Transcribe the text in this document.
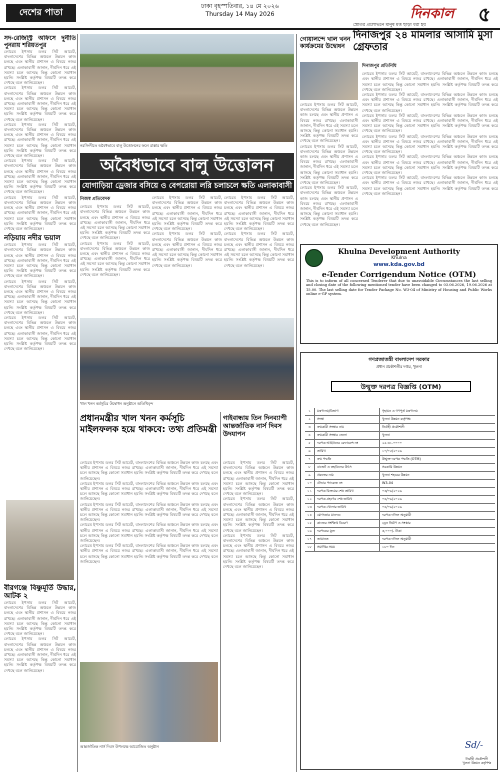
দেশের পাতা
ঢাকা বৃহস্পতিবার, ১৪ মে ২০২৬
Thursday 14 May 2026	দিনকাল ৫
সদ-রেজিস্ট্রি অফিসে দুর্নীতি পুনরায় শরিয়তপুর
লোরেম ইপসাম ডলর সিট আমেট, বাংলাদেশের বিভিন্ন অঞ্চলে উন্নয়ন কাজ চলছে এবং স্থানীয় প্রশাসন এ বিষয়ে নজর রাখছে। এলাকাবাসী জানান, দীর্ঘদিন ধরে এই সমস্যা চলে আসছে কিন্তু কোনো সমাধান হয়নি। সংশ্লিষ্ট কর্তৃপক্ষ বিষয়টি তদন্ত করে দেখছে বলে জানিয়েছেন।
লোরেম ইপসাম ডলর সিট আমেট, বাংলাদেশের বিভিন্ন অঞ্চলে উন্নয়ন কাজ চলছে এবং স্থানীয় প্রশাসন এ বিষয়ে নজর রাখছে। এলাকাবাসী জানান, দীর্ঘদিন ধরে এই সমস্যা চলে আসছে কিন্তু কোনো সমাধান হয়নি। সংশ্লিষ্ট কর্তৃপক্ষ বিষয়টি তদন্ত করে দেখছে বলে জানিয়েছেন।
লোরেম ইপসাম ডলর সিট আমেট, বাংলাদেশের বিভিন্ন অঞ্চলে উন্নয়ন কাজ চলছে এবং স্থানীয় প্রশাসন এ বিষয়ে নজর রাখছে। এলাকাবাসী জানান, দীর্ঘদিন ধরে এই সমস্যা চলে আসছে কিন্তু কোনো সমাধান হয়নি। সংশ্লিষ্ট কর্তৃপক্ষ বিষয়টি তদন্ত করে দেখছে বলে জানিয়েছেন।
লোরেম ইপসাম ডলর সিট আমেট, বাংলাদেশের বিভিন্ন অঞ্চলে উন্নয়ন কাজ চলছে এবং স্থানীয় প্রশাসন এ বিষয়ে নজর রাখছে। এলাকাবাসী জানান, দীর্ঘদিন ধরে এই সমস্যা চলে আসছে কিন্তু কোনো সমাধান হয়নি। সংশ্লিষ্ট কর্তৃপক্ষ বিষয়টি তদন্ত করে দেখছে বলে জানিয়েছেন।
লোরেম ইপসাম ডলর সিট আমেট, বাংলাদেশের বিভিন্ন অঞ্চলে উন্নয়ন কাজ চলছে এবং স্থানীয় প্রশাসন এ বিষয়ে নজর রাখছে। এলাকাবাসী জানান, দীর্ঘদিন ধরে এই সমস্যা চলে আসছে কিন্তু কোনো সমাধান হয়নি। সংশ্লিষ্ট কর্তৃপক্ষ বিষয়টি তদন্ত করে দেখছে বলে জানিয়েছেন।
নড়িয়ায় নদীর ভয়াল
লোরেম ইপসাম ডলর সিট আমেট, বাংলাদেশের বিভিন্ন অঞ্চলে উন্নয়ন কাজ চলছে এবং স্থানীয় প্রশাসন এ বিষয়ে নজর রাখছে। এলাকাবাসী জানান, দীর্ঘদিন ধরে এই সমস্যা চলে আসছে কিন্তু কোনো সমাধান হয়নি। সংশ্লিষ্ট কর্তৃপক্ষ বিষয়টি তদন্ত করে দেখছে বলে জানিয়েছেন।
লোরেম ইপসাম ডলর সিট আমেট, বাংলাদেশের বিভিন্ন অঞ্চলে উন্নয়ন কাজ চলছে এবং স্থানীয় প্রশাসন এ বিষয়ে নজর রাখছে। এলাকাবাসী জানান, দীর্ঘদিন ধরে এই সমস্যা চলে আসছে কিন্তু কোনো সমাধান হয়নি। সংশ্লিষ্ট কর্তৃপক্ষ বিষয়টি তদন্ত করে দেখছে বলে জানিয়েছেন।
লোরেম ইপসাম ডলর সিট আমেট, বাংলাদেশের বিভিন্ন অঞ্চলে উন্নয়ন কাজ চলছে এবং স্থানীয় প্রশাসন এ বিষয়ে নজর রাখছে। এলাকাবাসী জানান, দীর্ঘদিন ধরে এই সমস্যা চলে আসছে কিন্তু কোনো সমাধান হয়নি। সংশ্লিষ্ট কর্তৃপক্ষ বিষয়টি তদন্ত করে দেখছে বলে জানিয়েছেন।
বীরগঞ্জে বিষ্ণুমূর্তি উদ্ধার, আটক ২
লোরেম ইপসাম ডলর সিট আমেট, বাংলাদেশের বিভিন্ন অঞ্চলে উন্নয়ন কাজ চলছে এবং স্থানীয় প্রশাসন এ বিষয়ে নজর রাখছে। এলাকাবাসী জানান, দীর্ঘদিন ধরে এই সমস্যা চলে আসছে কিন্তু কোনো সমাধান হয়নি। সংশ্লিষ্ট কর্তৃপক্ষ বিষয়টি তদন্ত করে দেখছে বলে জানিয়েছেন।
লোরেম ইপসাম ডলর সিট আমেট, বাংলাদেশের বিভিন্ন অঞ্চলে উন্নয়ন কাজ চলছে এবং স্থানীয় প্রশাসন এ বিষয়ে নজর রাখছে। এলাকাবাসী জানান, দীর্ঘদিন ধরে এই সমস্যা চলে আসছে কিন্তু কোনো সমাধান হয়নি। সংশ্লিষ্ট কর্তৃপক্ষ বিষয়টি তদন্ত করে দেখছে বলে জানিয়েছেন।
নরসিংদীতে অবৈধভাবে বালু উত্তোলনের ফলে রাস্তার ক্ষতি
অবৈধভাবে বালু উত্তোলন
যোগাড়িয়া ড্রেজার বসিয়ে ও বেপরোয়া লরি চলাচলে ক্ষতি এলাকাবাসী
নিজস্ব প্রতিবেদক
লোরেম ইপসাম ডলর সিট আমেট, বাংলাদেশের বিভিন্ন অঞ্চলে উন্নয়ন কাজ চলছে এবং স্থানীয় প্রশাসন এ বিষয়ে নজর রাখছে। এলাকাবাসী জানান, দীর্ঘদিন ধরে এই সমস্যা চলে আসছে কিন্তু কোনো সমাধান হয়নি। সংশ্লিষ্ট কর্তৃপক্ষ বিষয়টি তদন্ত করে দেখছে বলে জানিয়েছেন।
লোরেম ইপসাম ডলর সিট আমেট, বাংলাদেশের বিভিন্ন অঞ্চলে উন্নয়ন কাজ চলছে এবং স্থানীয় প্রশাসন এ বিষয়ে নজর রাখছে। এলাকাবাসী জানান, দীর্ঘদিন ধরে এই সমস্যা চলে আসছে কিন্তু কোনো সমাধান হয়নি। সংশ্লিষ্ট কর্তৃপক্ষ বিষয়টি তদন্ত করে দেখছে বলে জানিয়েছেন।
লোরেম ইপসাম ডলর সিট আমেট, বাংলাদেশের বিভিন্ন অঞ্চলে উন্নয়ন কাজ চলছে এবং স্থানীয় প্রশাসন এ বিষয়ে নজর রাখছে। এলাকাবাসী জানান, দীর্ঘদিন ধরে এই সমস্যা চলে আসছে কিন্তু কোনো সমাধান হয়নি। সংশ্লিষ্ট কর্তৃপক্ষ বিষয়টি তদন্ত করে দেখছে বলে জানিয়েছেন।
লোরেম ইপসাম ডলর সিট আমেট, বাংলাদেশের বিভিন্ন অঞ্চলে উন্নয়ন কাজ চলছে এবং স্থানীয় প্রশাসন এ বিষয়ে নজর রাখছে। এলাকাবাসী জানান, দীর্ঘদিন ধরে এই সমস্যা চলে আসছে কিন্তু কোনো সমাধান হয়নি। সংশ্লিষ্ট কর্তৃপক্ষ বিষয়টি তদন্ত করে দেখছে বলে জানিয়েছেন।
লোরেম ইপসাম ডলর সিট আমেট, বাংলাদেশের বিভিন্ন অঞ্চলে উন্নয়ন কাজ চলছে এবং স্থানীয় প্রশাসন এ বিষয়ে নজর রাখছে। এলাকাবাসী জানান, দীর্ঘদিন ধরে এই সমস্যা চলে আসছে কিন্তু কোনো সমাধান হয়নি। সংশ্লিষ্ট কর্তৃপক্ষ বিষয়টি তদন্ত করে দেখছে বলে জানিয়েছেন।
লোরেম ইপসাম ডলর সিট আমেট, বাংলাদেশের বিভিন্ন অঞ্চলে উন্নয়ন কাজ চলছে এবং স্থানীয় প্রশাসন এ বিষয়ে নজর রাখছে। এলাকাবাসী জানান, দীর্ঘদিন ধরে এই সমস্যা চলে আসছে কিন্তু কোনো সমাধান হয়নি। সংশ্লিষ্ট কর্তৃপক্ষ বিষয়টি তদন্ত করে দেখছে বলে জানিয়েছেন।
খাল খনন কর্মসূচির উদ্বোধন অনুষ্ঠানে অতিথিবৃন্দ
প্রধানমন্ত্রীর খাল খনন কর্মসূচি মাইলফলক হয়ে থাকবে: তথ্য প্রতিমন্ত্রী
লোরেম ইপসাম ডলর সিট আমেট, বাংলাদেশের বিভিন্ন অঞ্চলে উন্নয়ন কাজ চলছে এবং স্থানীয় প্রশাসন এ বিষয়ে নজর রাখছে। এলাকাবাসী জানান, দীর্ঘদিন ধরে এই সমস্যা চলে আসছে কিন্তু কোনো সমাধান হয়নি। সংশ্লিষ্ট কর্তৃপক্ষ বিষয়টি তদন্ত করে দেখছে বলে জানিয়েছেন।
লোরেম ইপসাম ডলর সিট আমেট, বাংলাদেশের বিভিন্ন অঞ্চলে উন্নয়ন কাজ চলছে এবং স্থানীয় প্রশাসন এ বিষয়ে নজর রাখছে। এলাকাবাসী জানান, দীর্ঘদিন ধরে এই সমস্যা চলে আসছে কিন্তু কোনো সমাধান হয়নি। সংশ্লিষ্ট কর্তৃপক্ষ বিষয়টি তদন্ত করে দেখছে বলে জানিয়েছেন।
লোরেম ইপসাম ডলর সিট আমেট, বাংলাদেশের বিভিন্ন অঞ্চলে উন্নয়ন কাজ চলছে এবং স্থানীয় প্রশাসন এ বিষয়ে নজর রাখছে। এলাকাবাসী জানান, দীর্ঘদিন ধরে এই সমস্যা চলে আসছে কিন্তু কোনো সমাধান হয়নি। সংশ্লিষ্ট কর্তৃপক্ষ বিষয়টি তদন্ত করে দেখছে বলে জানিয়েছেন।
লোরেম ইপসাম ডলর সিট আমেট, বাংলাদেশের বিভিন্ন অঞ্চলে উন্নয়ন কাজ চলছে এবং স্থানীয় প্রশাসন এ বিষয়ে নজর রাখছে। এলাকাবাসী জানান, দীর্ঘদিন ধরে এই সমস্যা চলে আসছে কিন্তু কোনো সমাধান হয়নি। সংশ্লিষ্ট কর্তৃপক্ষ বিষয়টি তদন্ত করে দেখছে বলে জানিয়েছেন।
লোরেম ইপসাম ডলর সিট আমেট, বাংলাদেশের বিভিন্ন অঞ্চলে উন্নয়ন কাজ চলছে এবং স্থানীয় প্রশাসন এ বিষয়ে নজর রাখছে। এলাকাবাসী জানান, দীর্ঘদিন ধরে এই সমস্যা চলে আসছে কিন্তু কোনো সমাধান হয়নি। সংশ্লিষ্ট কর্তৃপক্ষ বিষয়টি তদন্ত করে দেখছে বলে জানিয়েছেন।
গাইবান্ধায় তিন দিনব্যাপী আন্তর্জাতিক নার্স দিবস উদযাপন
লোরেম ইপসাম ডলর সিট আমেট, বাংলাদেশের বিভিন্ন অঞ্চলে উন্নয়ন কাজ চলছে এবং স্থানীয় প্রশাসন এ বিষয়ে নজর রাখছে। এলাকাবাসী জানান, দীর্ঘদিন ধরে এই সমস্যা চলে আসছে কিন্তু কোনো সমাধান হয়নি। সংশ্লিষ্ট কর্তৃপক্ষ বিষয়টি তদন্ত করে দেখছে বলে জানিয়েছেন।
লোরেম ইপসাম ডলর সিট আমেট, বাংলাদেশের বিভিন্ন অঞ্চলে উন্নয়ন কাজ চলছে এবং স্থানীয় প্রশাসন এ বিষয়ে নজর রাখছে। এলাকাবাসী জানান, দীর্ঘদিন ধরে এই সমস্যা চলে আসছে কিন্তু কোনো সমাধান হয়নি। সংশ্লিষ্ট কর্তৃপক্ষ বিষয়টি তদন্ত করে দেখছে বলে জানিয়েছেন।
লোরেম ইপসাম ডলর সিট আমেট, বাংলাদেশের বিভিন্ন অঞ্চলে উন্নয়ন কাজ চলছে এবং স্থানীয় প্রশাসন এ বিষয়ে নজর রাখছে। এলাকাবাসী জানান, দীর্ঘদিন ধরে এই সমস্যা চলে আসছে কিন্তু কোনো সমাধান হয়নি। সংশ্লিষ্ট কর্তৃপক্ষ বিষয়টি তদন্ত করে দেখছে বলে জানিয়েছেন।
আন্তর্জাতিক নার্স দিবস উপলক্ষে আয়োজিত অনুষ্ঠান
গোয়ালন্দে খাল খনন কার্যক্রমের উদ্বোধন
লোরেম ইপসাম ডলর সিট আমেট, বাংলাদেশের বিভিন্ন অঞ্চলে উন্নয়ন কাজ চলছে এবং স্থানীয় প্রশাসন এ বিষয়ে নজর রাখছে। এলাকাবাসী জানান, দীর্ঘদিন ধরে এই সমস্যা চলে আসছে কিন্তু কোনো সমাধান হয়নি। সংশ্লিষ্ট কর্তৃপক্ষ বিষয়টি তদন্ত করে দেখছে বলে জানিয়েছেন।
লোরেম ইপসাম ডলর সিট আমেট, বাংলাদেশের বিভিন্ন অঞ্চলে উন্নয়ন কাজ চলছে এবং স্থানীয় প্রশাসন এ বিষয়ে নজর রাখছে। এলাকাবাসী জানান, দীর্ঘদিন ধরে এই সমস্যা চলে আসছে কিন্তু কোনো সমাধান হয়নি। সংশ্লিষ্ট কর্তৃপক্ষ বিষয়টি তদন্ত করে দেখছে বলে জানিয়েছেন।
লোরেম ইপসাম ডলর সিট আমেট, বাংলাদেশের বিভিন্ন অঞ্চলে উন্নয়ন কাজ চলছে এবং স্থানীয় প্রশাসন এ বিষয়ে নজর রাখছে। এলাকাবাসী জানান, দীর্ঘদিন ধরে এই সমস্যা চলে আসছে কিন্তু কোনো সমাধান হয়নি। সংশ্লিষ্ট কর্তৃপক্ষ বিষয়টি তদন্ত করে দেখছে বলে জানিয়েছেন।
স্ত্রোতর প্রলোভনে মানুষ মত্ত ছাড়া ধরা হয়
দিনাজপুর ২৪ মামলার আসামি মুসা গ্রেফতার
দিনাজপুর প্রতিনিধি
লোরেম ইপসাম ডলর সিট আমেট, বাংলাদেশের বিভিন্ন অঞ্চলে উন্নয়ন কাজ চলছে এবং স্থানীয় প্রশাসন এ বিষয়ে নজর রাখছে। এলাকাবাসী জানান, দীর্ঘদিন ধরে এই সমস্যা চলে আসছে কিন্তু কোনো সমাধান হয়নি। সংশ্লিষ্ট কর্তৃপক্ষ বিষয়টি তদন্ত করে দেখছে বলে জানিয়েছেন।
লোরেম ইপসাম ডলর সিট আমেট, বাংলাদেশের বিভিন্ন অঞ্চলে উন্নয়ন কাজ চলছে এবং স্থানীয় প্রশাসন এ বিষয়ে নজর রাখছে। এলাকাবাসী জানান, দীর্ঘদিন ধরে এই সমস্যা চলে আসছে কিন্তু কোনো সমাধান হয়নি। সংশ্লিষ্ট কর্তৃপক্ষ বিষয়টি তদন্ত করে দেখছে বলে জানিয়েছেন।
লোরেম ইপসাম ডলর সিট আমেট, বাংলাদেশের বিভিন্ন অঞ্চলে উন্নয়ন কাজ চলছে এবং স্থানীয় প্রশাসন এ বিষয়ে নজর রাখছে। এলাকাবাসী জানান, দীর্ঘদিন ধরে এই সমস্যা চলে আসছে কিন্তু কোনো সমাধান হয়নি। সংশ্লিষ্ট কর্তৃপক্ষ বিষয়টি তদন্ত করে দেখছে বলে জানিয়েছেন।
লোরেম ইপসাম ডলর সিট আমেট, বাংলাদেশের বিভিন্ন অঞ্চলে উন্নয়ন কাজ চলছে এবং স্থানীয় প্রশাসন এ বিষয়ে নজর রাখছে। এলাকাবাসী জানান, দীর্ঘদিন ধরে এই সমস্যা চলে আসছে কিন্তু কোনো সমাধান হয়নি। সংশ্লিষ্ট কর্তৃপক্ষ বিষয়টি তদন্ত করে দেখছে বলে জানিয়েছেন।
লোরেম ইপসাম ডলর সিট আমেট, বাংলাদেশের বিভিন্ন অঞ্চলে উন্নয়ন কাজ চলছে এবং স্থানীয় প্রশাসন এ বিষয়ে নজর রাখছে। এলাকাবাসী জানান, দীর্ঘদিন ধরে এই সমস্যা চলে আসছে কিন্তু কোনো সমাধান হয়নি। সংশ্লিষ্ট কর্তৃপক্ষ বিষয়টি তদন্ত করে দেখছে বলে জানিয়েছেন।
লোরেম ইপসাম ডলর সিট আমেট, বাংলাদেশের বিভিন্ন অঞ্চলে উন্নয়ন কাজ চলছে এবং স্থানীয় প্রশাসন এ বিষয়ে নজর রাখছে। এলাকাবাসী জানান, দীর্ঘদিন ধরে এই সমস্যা চলে আসছে কিন্তু কোনো সমাধান হয়নি। সংশ্লিষ্ট কর্তৃপক্ষ বিষয়টি তদন্ত করে দেখছে বলে জানিয়েছেন।
Khulna Development Authority
Khulna
www.kda.gov.bd
e-Tender Corrigendum Notice (OTM)
This is to inform of all concerned Tenderer that due to unavoidable Circumstances the last selling and closing date of the following mentioned tender have been changed to 03.06.2026, 19.06.2026 at 15.00. The last selling date for Tender Package No. W3-04 of Ministry of Housing and Public Works online e-GP system.
গণপ্রজাতন্ত্রী বাংলাদেশ সরকার
প্রধান প্রকৌশলীর দপ্তর, খুলনা
উন্মুক্ত দরপত্র বিজ্ঞপ্তি (OTM)
১	মন্ত্রণালয়/বিভাগ	গৃহায়ন ও গণপূর্ত মন্ত্রণালয়
২	সংস্থা	খুলনা উন্নয়ন কর্তৃপক্ষ
৩	ক্রয়কারী সংস্থার নাম	নির্বাহী প্রকৌশলী
৪	ক্রয়কারী সংস্থার জেলা	খুলনা
৫	দরপত্র আহ্বানের রেফারেন্স নং	২৫.৩১.০০০০
৬	তারিখ	১০/০৫/২০২৬
৭	ক্রয় পদ্ধতি	উন্মুক্ত দরপত্র পদ্ধতি (OTM)
৮	বাজেট ও তহবিলের উৎস	সরকারি উন্নয়ন
৯	প্রকল্পের নাম	খুলনা শহরের উন্নয়ন
১০	টেন্ডার প্যাকেজ নং	W3-04
১১	দরপত্র বিক্রয়ের শেষ তারিখ	০৩/০৬/২০২৬
১২	দরপত্র গ্রহণের শেষ তারিখ	০৪/০৬/২০২৬
১৩	দরপত্র খোলার তারিখ	০৪/০৬/২০২৬
১৪	যোগ্যতার মানদণ্ড	দরপত্র দলিল অনুযায়ী
১৫	কাজের সংক্ষিপ্ত বিবরণ	ড্রেন নির্মাণ ও সংস্কার
১৬	দরপত্রের মূল্য	৩,০০০/- টাকা
১৭	জামানত	দরপত্র দলিল অনুযায়ী
১৮	সমাপ্তির সময়	১৮০ দিন
Sd/-
নির্বাহী প্রকৌশলী
খুলনা উন্নয়ন কর্তৃপক্ষ
